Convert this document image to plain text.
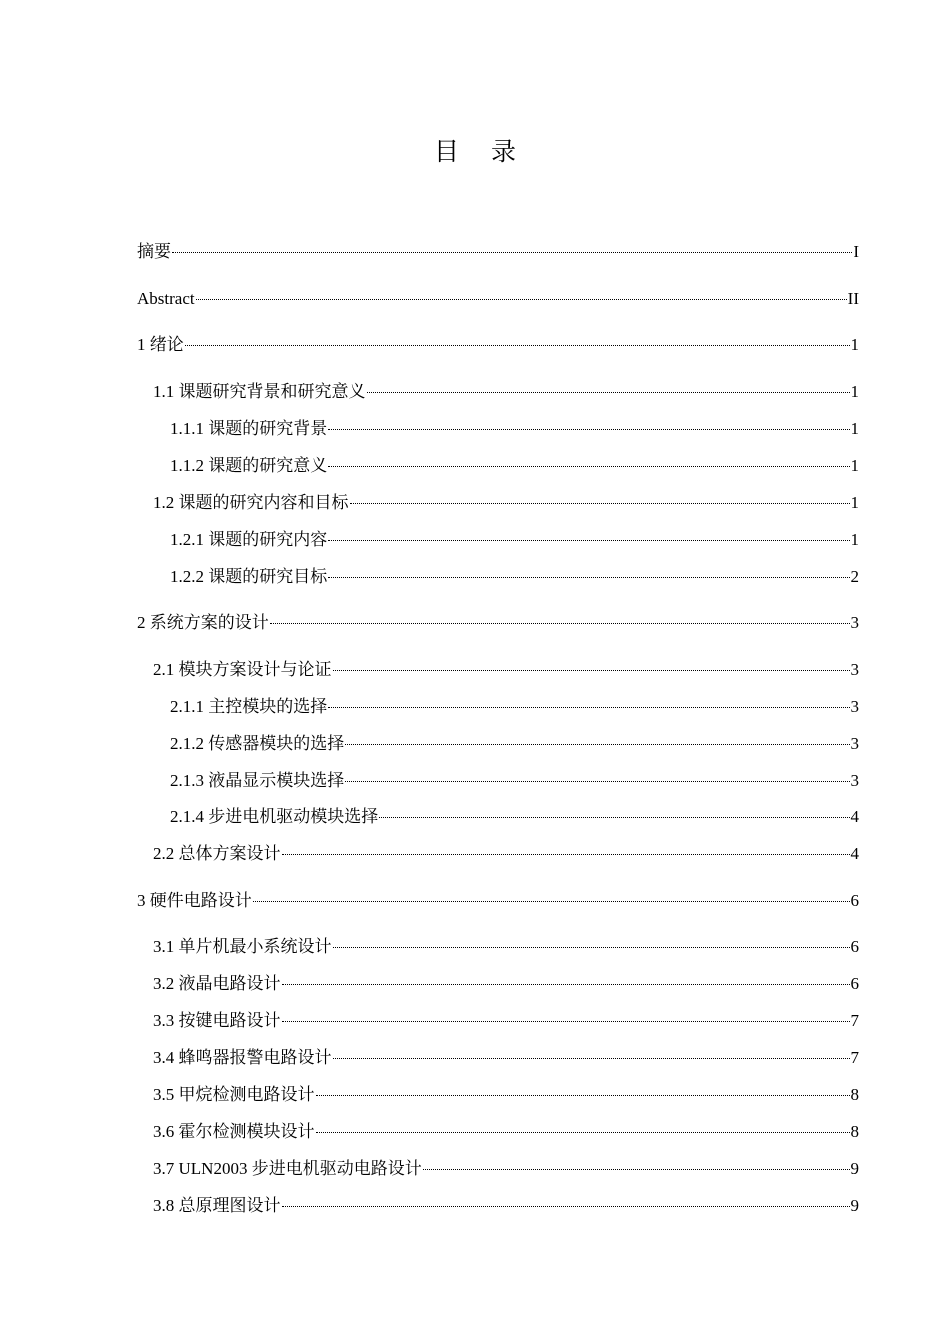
目 录
摘要	I
Abstract	II
1 绪论	1
1.1 课题研究背景和研究意义	1
1.1.1 课题的研究背景	1
1.1.2 课题的研究意义	1
1.2 课题的研究内容和目标	1
1.2.1 课题的研究内容	1
1.2.2 课题的研究目标	2
2 系统方案的设计	3
2.1 模块方案设计与论证	3
2.1.1 主控模块的选择	3
2.1.2 传感器模块的选择	3
2.1.3 液晶显示模块选择	3
2.1.4 步进电机驱动模块选择	4
2.2 总体方案设计	4
3 硬件电路设计	6
3.1 单片机最小系统设计	6
3.2 液晶电路设计	6
3.3 按键电路设计	7
3.4 蜂鸣器报警电路设计	7
3.5 甲烷检测电路设计	8
3.6 霍尔检测模块设计	8
3.7 ULN2003 步进电机驱动电路设计	9
3.8 总原理图设计	9
